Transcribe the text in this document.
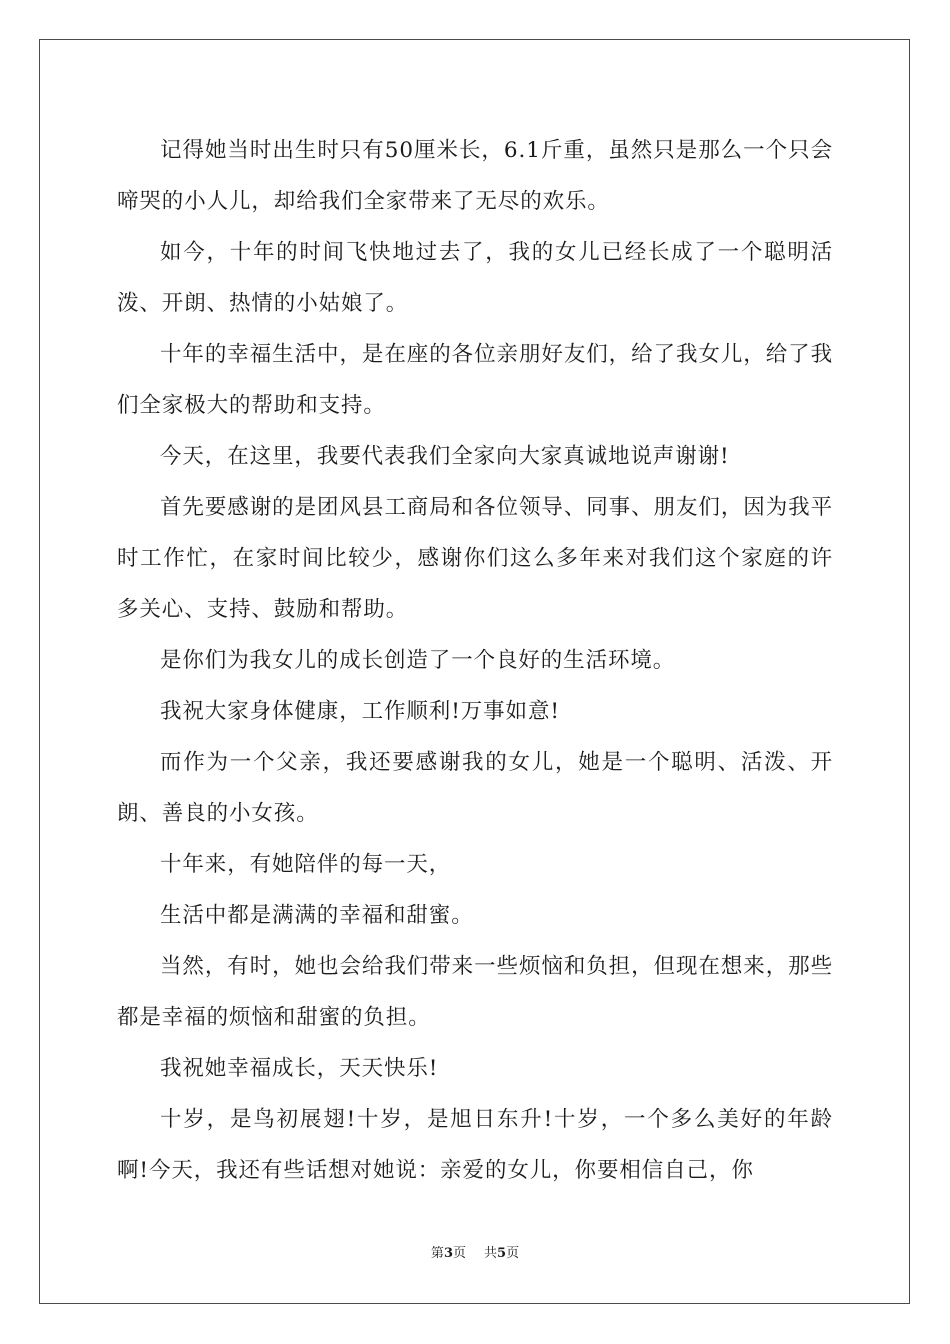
记得她当时出生时只有50厘米长，6.1斤重，虽然只是那么一个只会啼哭的小人儿，却给我们全家带来了无尽的欢乐。

如今，十年的时间飞快地过去了，我的女儿已经长成了一个聪明活泼、开朗、热情的小姑娘了。

十年的幸福生活中，是在座的各位亲朋好友们，给了我女儿，给了我们全家极大的帮助和支持。

今天，在这里，我要代表我们全家向大家真诚地说声谢谢!

首先要感谢的是团风县工商局和各位领导、同事、朋友们，因为我平时工作忙，在家时间比较少，感谢你们这么多年来对我们这个家庭的许多关心、支持、鼓励和帮助。

是你们为我女儿的成长创造了一个良好的生活环境。

我祝大家身体健康，工作顺利!万事如意!

而作为一个父亲，我还要感谢我的女儿，她是一个聪明、活泼、开朗、善良的小女孩。

十年来，有她陪伴的每一天，

生活中都是满满的幸福和甜蜜。

当然，有时，她也会给我们带来一些烦恼和负担，但现在想来，那些都是幸福的烦恼和甜蜜的负担。

我祝她幸福成长，天天快乐!

十岁，是鸟初展翅!十岁，是旭日东升!十岁，一个多么美好的年龄啊!今天，我还有些话想对她说：亲爱的女儿，你要相信自己，你

第3页 共5页
